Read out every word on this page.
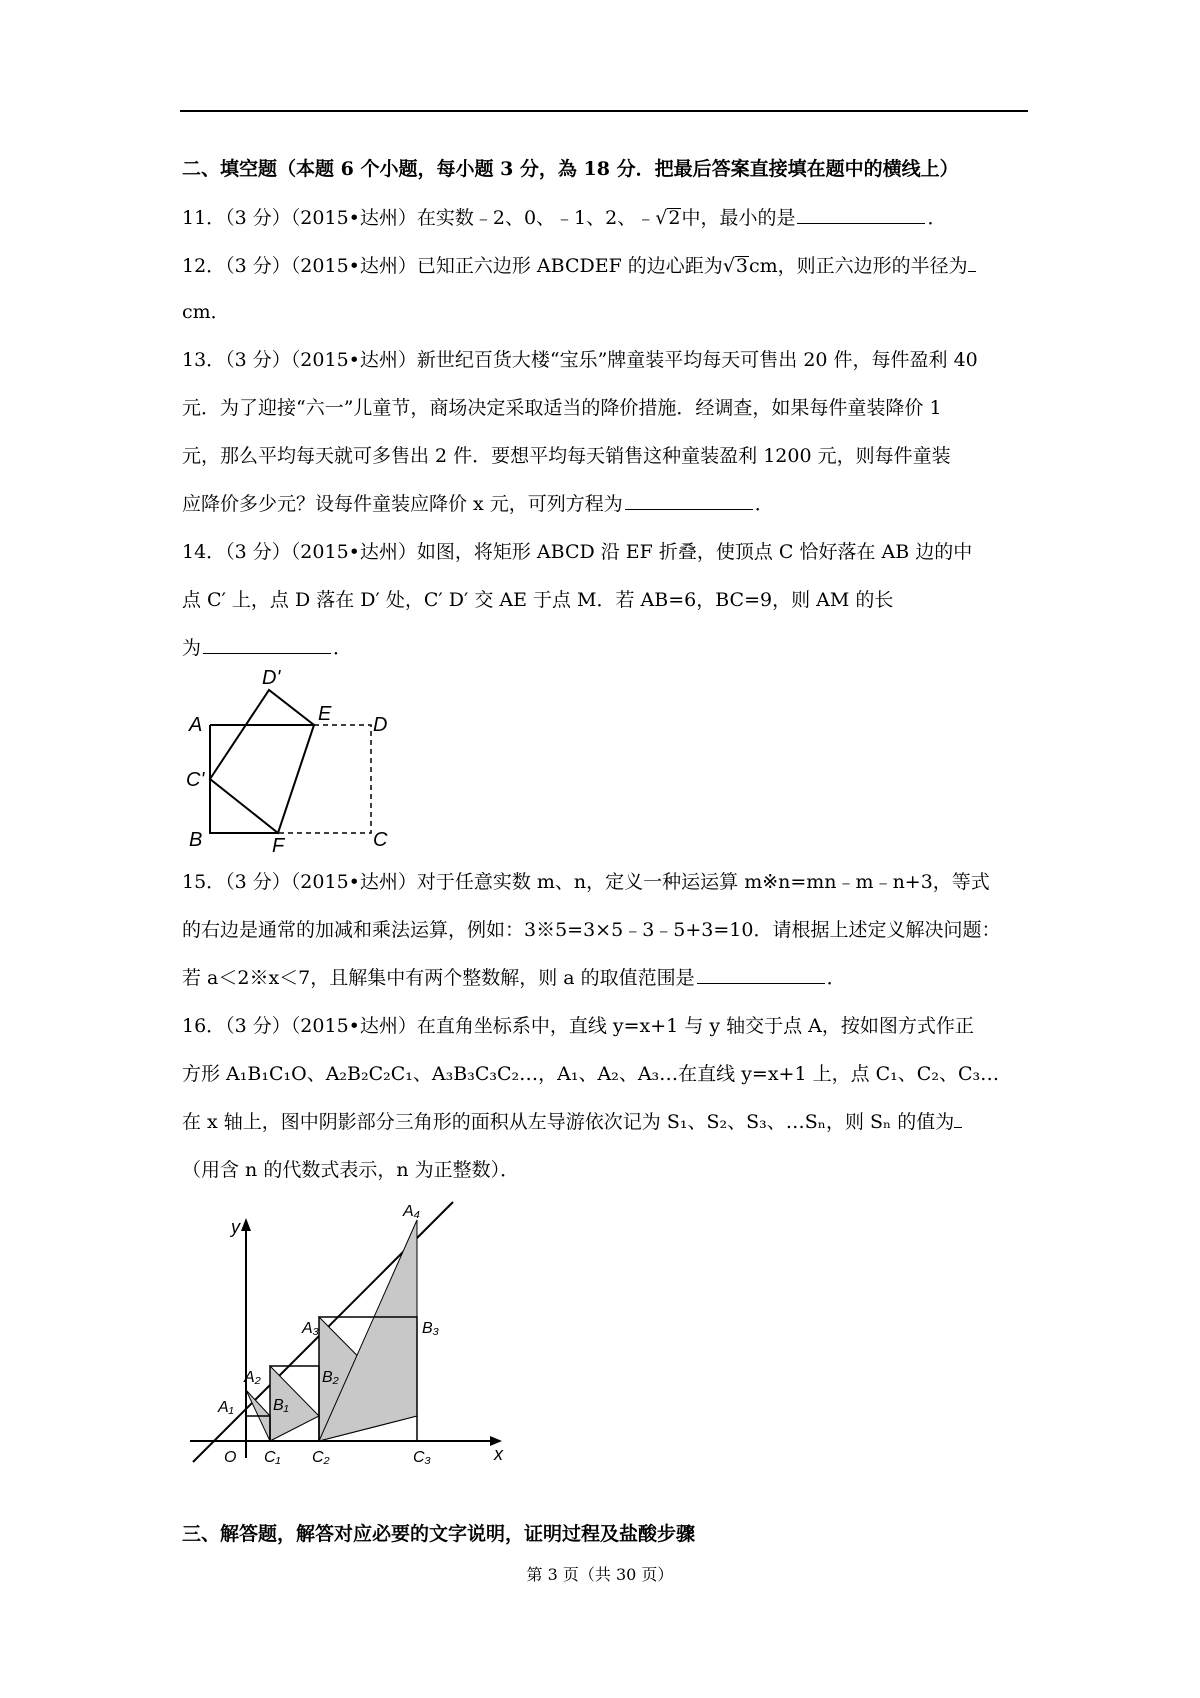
二、填空题（本题 6 个小题，每小题 3 分，為 18 分．把最后答案直接填在题中的横线上）
11．（3 分）（2015•达州）在实数﹣2、0、﹣1、2、﹣√2中，最小的是	．
12．（3 分）（2015•达州）已知正六边形 ABCDEF 的边心距为√3cm，则正六边形的半径为
cm．
13．（3 分）（2015•达州）新世纪百货大楼“宝乐”牌童装平均每天可售出 20 件，每件盈利 40
元．为了迎接“六一”儿童节，商场决定采取适当的降价措施．经调查，如果每件童装降价 1
元，那么平均每天就可多售出 2 件．要想平均每天销售这种童装盈利 1200 元，则每件童装
应降价多少元？设每件童装应降价 x 元，可列方程为	．
14．（3 分）（2015•达州）如图，将矩形 ABCD 沿 EF 折叠，使顶点 C 恰好落在 AB 边的中
点 C′ 上，点 D 落在 D′ 处，C′ D′ 交 AE 于点 M．若 AB=6，BC=9，则 AM 的长
为	．
A
B	C
D
E
F
C'
D'
15．（3 分）（2015•达州）对于任意实数 m、n，定义一种运运算 m※n=mn﹣m﹣n+3，等式
的右边是通常的加减和乘法运算，例如：3※5=3×5﹣3﹣5+3=10．请根据上述定义解决问题：
若 a＜2※x＜7，且解集中有两个整数解，则 a 的取值范围是	．
16．（3 分）（2015•达州）在直角坐标系中，直线 y=x+1 与 y 轴交于点 A，按如图方式作正
方形 A₁B₁C₁O、A₂B₂C₂C₁、A₃B₃C₃C₂…，A₁、A₂、A₃…在直线 y=x+1 上，点 C₁、C₂、C₃…
在 x 轴上，图中阴影部分三角形的面积从左导游依次记为 S₁、S₂、S₃、…Sₙ，则 Sₙ 的值为
（用含 n 的代数式表示，n 为正整数）．
y
x
O
A₁
A₂
A₃
A₄
B₁
B₂
B₃
C₁ C₂	C₃
三、解答题，解答对应必要的文字说明，证明过程及盐酸步骤
第 3 页（共 30 页）
